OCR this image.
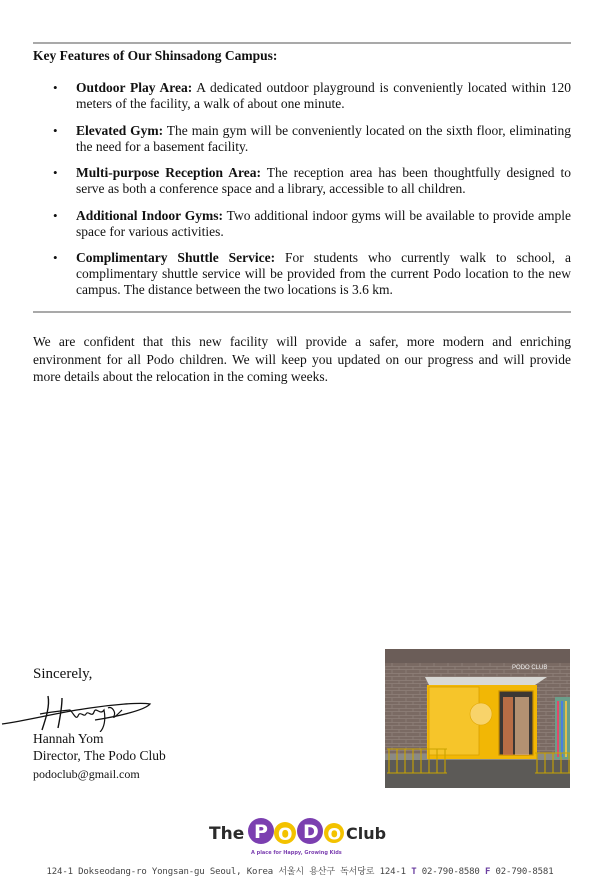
Key Features of Our Shinsadong Campus:
• Outdoor Play Area: A dedicated outdoor playground is conveniently located within 120 meters of the facility, a walk of about one minute.
• Elevated Gym: The main gym will be conveniently located on the sixth floor, eliminating the need for a basement facility.
• Multi-purpose Reception Area: The reception area has been thoughtfully designed to serve as both a conference space and a library, accessible to all children.
• Additional Indoor Gyms: Two additional indoor gyms will be available to provide ample space for various activities.
• Complimentary Shuttle Service: For students who currently walk to school, a complimentary shuttle service will be provided from the current Podo location to the new campus. The distance between the two locations is 3.6 km.
We are confident that this new facility will provide a safer, more modern and enriching environment for all Podo children. We will keep you updated on our progress and will provide more details about the relocation in the coming weeks.
Sincerely,
Hannah Yom
Director, The Podo Club
podoclub@gmail.com
PODO CLUB
The P O D O Club
A place for Happy, Growing Kids
124-1 Dokseodang-ro Yongsan-gu Seoul, Korea 서울시 용산구 독서당로 124-1 T 02-790-8580 F 02-790-8581
